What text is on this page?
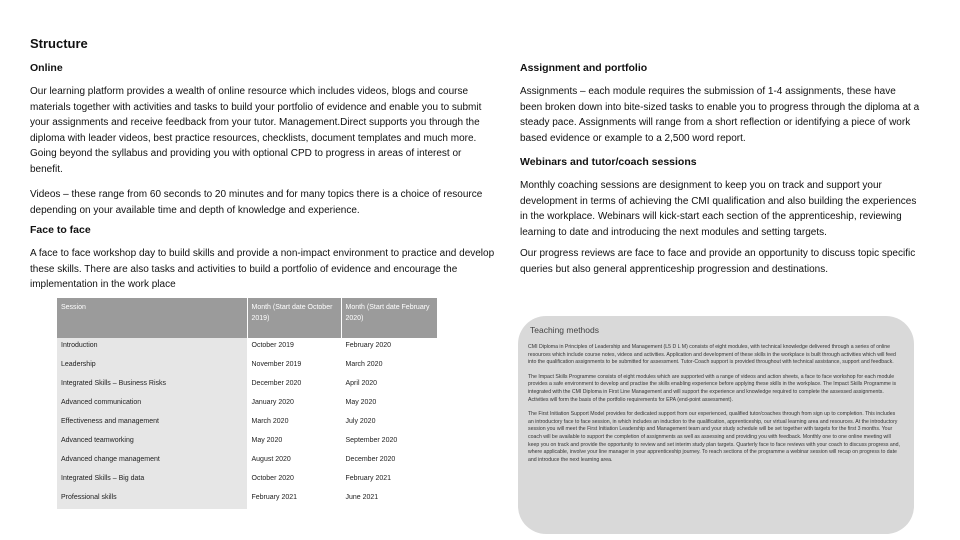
Structure
Online
Our learning platform provides a wealth of online resource which includes videos, blogs and course materials together with activities and tasks to build your portfolio of evidence and enable you to submit your assignments and receive feedback from your tutor. Management.Direct supports you through the diploma with leader videos, best practice resources, checklists, document templates and much more. Going beyond the syllabus and providing you with optional CPD to progress in areas of interest or benefit.
Videos – these range from 60 seconds to 20 minutes and for many topics there is a choice of resource depending on your available time and depth of knowledge and experience.
Face to face
A face to face workshop day to build skills and provide a non-impact environment to practice and develop these skills. There are also tasks and activities to build a portfolio of evidence and encourage the implementation in the work place
Assignment and portfolio
Assignments – each module requires the submission of 1-4 assignments, these have been broken down into bite-sized tasks to enable you to progress through the diploma at a steady pace. Assignments will range from a short reflection or identifying a piece of work based evidence or example to a 2,500 word report.
Webinars and tutor/coach sessions
Monthly coaching sessions are designment to keep you on track and support your development in terms of achieving the CMI qualification and also building the experiences in the workplace. Webinars will kick-start each section of the apprenticeship, reviewing learning to date and introducing the next modules and setting targets.
Our progress reviews are face to face and provide an opportunity to discuss topic specific queries but also general apprenticeship progression and destinations.
Session	Month (Start date October 2019)	Month (Start date February 2020)
Introduction	October 2019	February 2020
Leadership	November 2019	March 2020
Integrated Skills – Business Risks	December 2020	April 2020
Advanced communication	January 2020	May 2020
Effectiveness and management	March 2020	July 2020
Advanced teamworking	May 2020	September 2020
Advanced change management	August 2020	December 2020
Integrated Skills – Big data	October 2020	February 2021
Professional skills	February 2021	June 2021

Teaching methods

CMI Diploma in Principles of Leadership and Management (L5 D L M) consists of eight modules, with technical knowledge delivered through a series of online resources which include course notes, videos and activities. Application and development of these skills in the workplace is built through activities which will feed into the qualification assignments to be submitted for assessment. Tutor-Coach support is provided throughout with technical assistance, support and feedback.

The Impact Skills Programme consists of eight modules which are supported with a range of videos and action sheets, a face to face workshop for each module provides a safe environment to develop and practise the skills enabling experience before applying these skills in the workplace. The Impact Skills Programme is integrated with the CMI Diploma in First Line Management and will support the experience and knowledge required to complete the assessed assignments. Activities will form the basis of the portfolio requirements for EPA (end-point assessment).

The First Initiation Support Model provides for dedicated support from our experienced, qualified tutor/coaches through from sign up to completion. This includes an introductory face to face session, in which includes an induction to the qualification, apprenticeship, our virtual learning area and resources. At the introductory session you will meet the First Initiation Leadership and Management team and your study schedule will be set together with targets for the first 3 months. Your coach will be available to support the completion of assignments as well as assessing and providing you with feedback. Monthly one to one online meeting will keep you on track and provide the opportunity to review and set interim study plan targets. Quarterly face to face reviews with your coach to discuss progress and, where applicable, involve your line manager in your apprenticeship journey. To reach sections of the programme a webinar session will recap on progress to date and introduce the next learning area.
